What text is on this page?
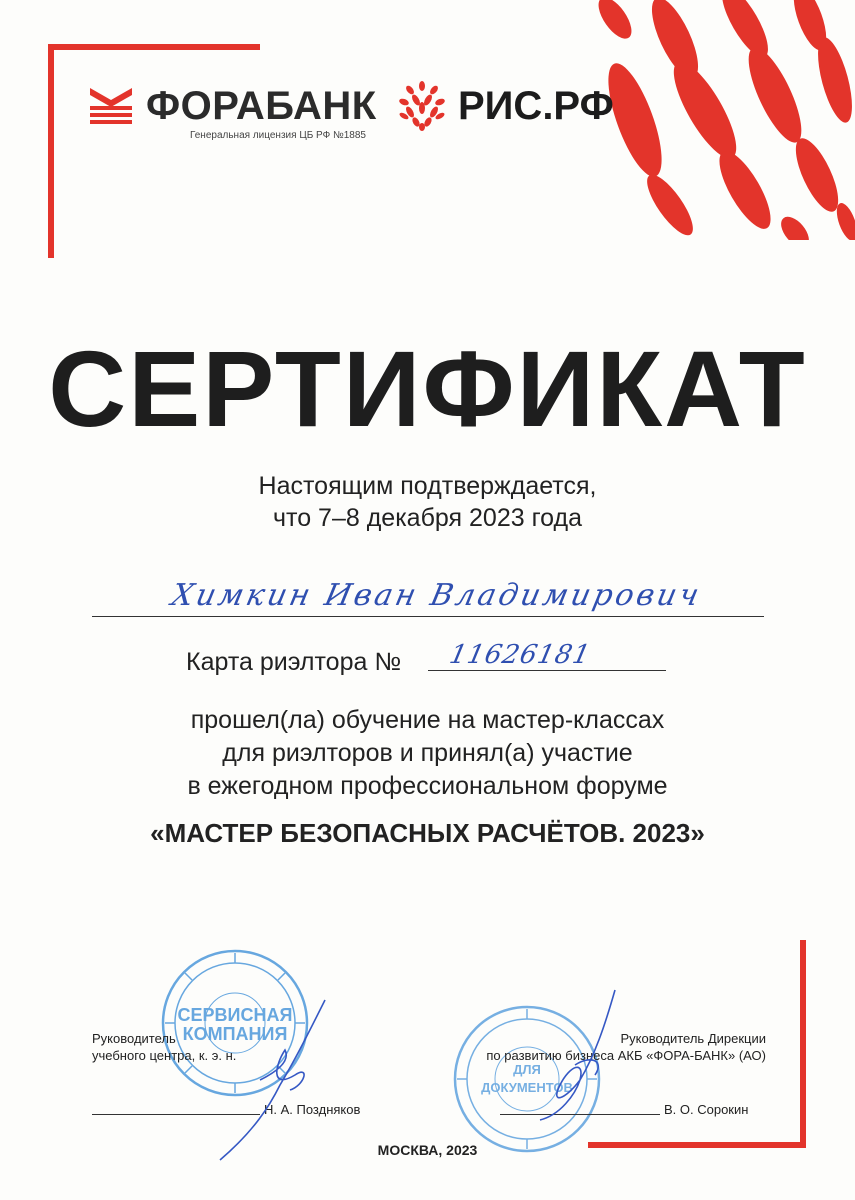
ФОРАБАНК
Генеральная лицензия ЦБ РФ №1885
РИС.РФ
СЕРТИФИКАТ
Настоящим подтверждается,
что 7–8 декабря 2023 года
Химкин Иван Владимирович
Карта риэлтора № 11626181
прошел(ла) обучение на мастер-классах
для риэлторов и принял(а) участие
в ежегодном профессиональном форуме
«МАСТЕР БЕЗОПАСНЫХ РАСЧЁТОВ. 2023»
СЕРВИСНАЯ
КОМПАНИЯ
ДЛЯ
ДОКУМЕНТОВ
Руководитель
учебного центра, к. э. н.
Н. А. Поздняков
Руководитель Дирекции
по развитию бизнеса АКБ «ФОРА-БАНК» (АО)
В. О. Сорокин
МОСКВА, 2023
